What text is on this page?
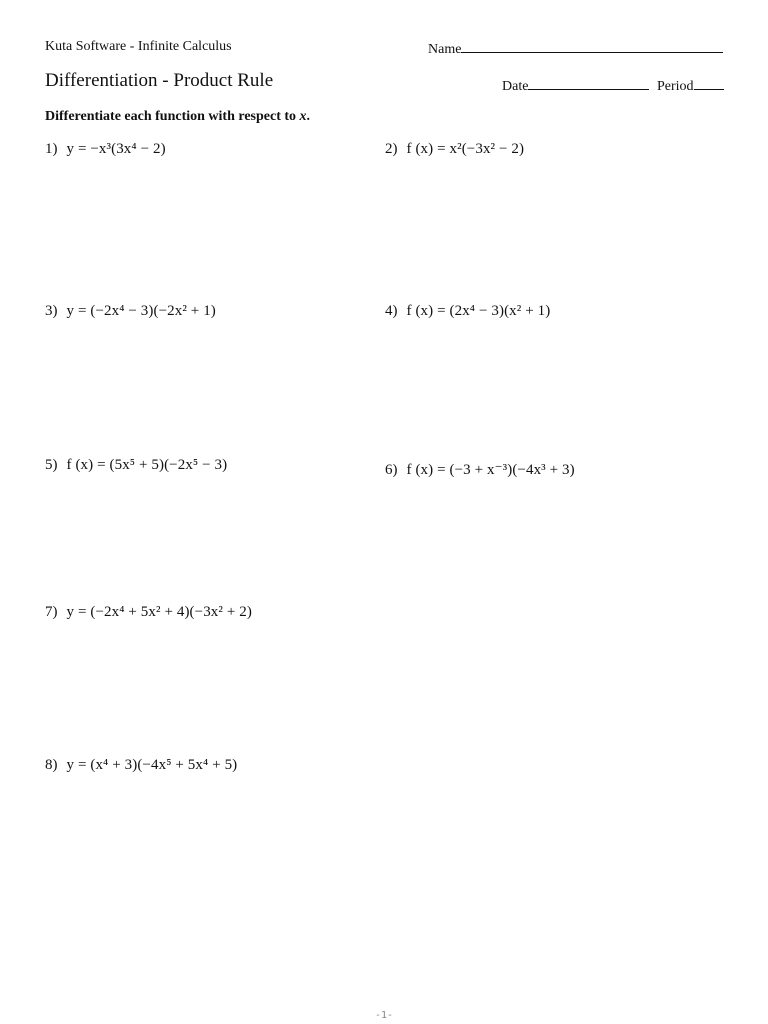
Kuta Software - Infinite Calculus	Name
Differentiation - Product Rule	Date	Period
Differentiate each function with respect to x.
1) y = −x³(3x⁴ − 2)	2) f (x) = x²(−3x² − 2)
3) y = (−2x⁴ − 3)(−2x² + 1)	4) f (x) = (2x⁴ − 3)(x² + 1)
5) f (x) = (5x⁵ + 5)(−2x⁵ − 3)	6) f (x) = (−3 + x⁻³)(−4x³ + 3)
7) y = (−2x⁴ + 5x² + 4)(−3x² + 2)
8) y = (x⁴ + 3)(−4x⁵ + 5x⁴ + 5)
-1-
